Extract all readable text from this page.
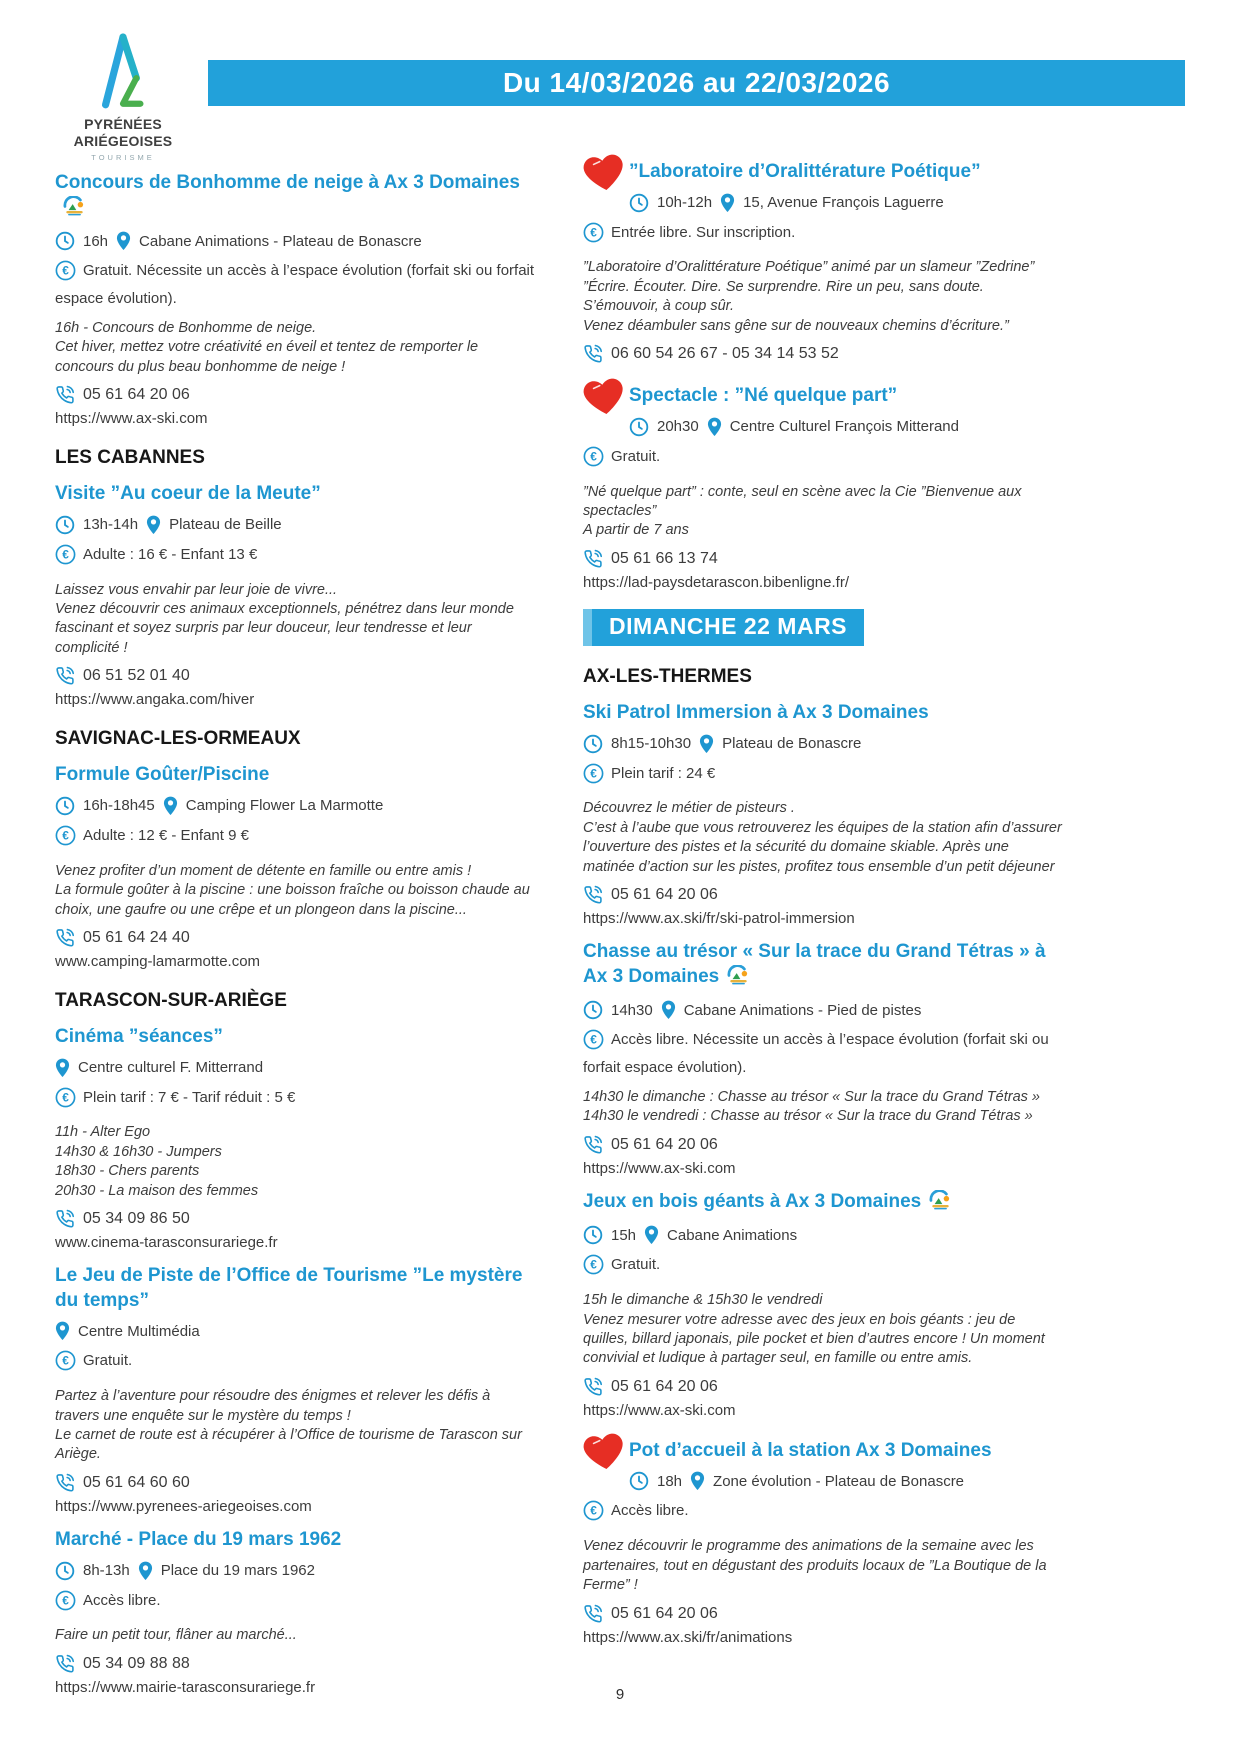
PYRÉNÉES
ARIÉGEOISES
TOURISME
Du 14/03/2026 au 22/03/2026
Concours de Bonhomme de neige à Ax 3 Domaines
16h Cabane Animations - Plateau de Bonascre
Gratuit. Nécessite un accès à l’espace évolution (forfait ski ou forfait espace évolution).
16h - Concours de Bonhomme de neige.
Cet hiver, mettez votre créativité en éveil et tentez de remporter le concours du plus beau bonhomme de neige !
05 61 64 20 06
https://www.ax-ski.com
LES CABANNES
Visite ”Au coeur de la Meute”
13h-14h Plateau de Beille
Adulte : 16 € - Enfant 13 €
Laissez vous envahir par leur joie de vivre...
Venez découvrir ces animaux exceptionnels, pénétrez dans leur monde fascinant et soyez surpris par leur douceur, leur tendresse et leur complicité !
06 51 52 01 40
https://www.angaka.com/hiver
SAVIGNAC-LES-ORMEAUX
Formule Goûter/Piscine
16h-18h45 Camping Flower La Marmotte
Adulte : 12 € - Enfant 9 €
Venez profiter d’un moment de détente en famille ou entre amis !
La formule goûter à la piscine : une boisson fraîche ou boisson chaude au choix, une gaufre ou une crêpe et un plongeon dans la piscine...
05 61 64 24 40
www.camping-lamarmotte.com
TARASCON-SUR-ARIÈGE
Cinéma ”séances”
Centre culturel F. Mitterrand
Plein tarif : 7 € - Tarif réduit : 5 €
11h - Alter Ego
14h30 & 16h30 - Jumpers
18h30 - Chers parents
20h30 - La maison des femmes
05 34 09 86 50
www.cinema-tarasconsurariege.fr
Le Jeu de Piste de l’Office de Tourisme ”Le mystère du temps”
Centre Multimédia
Gratuit.
Partez à l’aventure pour résoudre des énigmes et relever les défis à travers une enquête sur le mystère du temps !
Le carnet de route est à récupérer à l’Office de tourisme de Tarascon sur Ariège.
05 61 64 60 60
https://www.pyrenees-ariegeoises.com
Marché - Place du 19 mars 1962
8h-13h Place du 19 mars 1962
Accès libre.
Faire un petit tour, flâner au marché...
05 34 09 88 88
https://www.mairie-tarasconsurariege.fr
”Laboratoire d’Oralittérature Poétique”
10h-12h 15, Avenue François Laguerre
Entrée libre. Sur inscription.
”Laboratoire d’Oralittérature Poétique” animé par un slameur ”Zedrine”
”Écrire. Écouter. Dire. Se surprendre. Rire un peu, sans doute. S’émouvoir, à coup sûr.
Venez déambuler sans gêne sur de nouveaux chemins d’écriture.”
06 60 54 26 67 - 05 34 14 53 52
Spectacle : ”Né quelque part”
20h30 Centre Culturel François Mitterand
Gratuit.
”Né quelque part” : conte, seul en scène avec la Cie ”Bienvenue aux spectacles”
A partir de 7 ans
05 61 66 13 74
https://lad-paysdetarascon.bibenligne.fr/
DIMANCHE 22 MARS
AX-LES-THERMES
Ski Patrol Immersion à Ax 3 Domaines
8h15-10h30 Plateau de Bonascre
Plein tarif : 24 €
Découvrez le métier de pisteurs .
C’est à l’aube que vous retrouverez les équipes de la station afin d’assurer l’ouverture des pistes et la sécurité du domaine skiable. Après une matinée d’action sur les pistes, profitez tous ensemble d’un petit déjeuner
05 61 64 20 06
https://www.ax.ski/fr/ski-patrol-immersion
Chasse au trésor « Sur la trace du Grand Tétras » à Ax 3 Domaines
14h30 Cabane Animations - Pied de pistes
Accès libre. Nécessite un accès à l’espace évolution (forfait ski ou forfait espace évolution).
14h30 le dimanche : Chasse au trésor « Sur la trace du Grand Tétras »
14h30 le vendredi : Chasse au trésor « Sur la trace du Grand Tétras »
05 61 64 20 06
https://www.ax-ski.com
Jeux en bois géants à Ax 3 Domaines
15h Cabane Animations
Gratuit.
15h le dimanche & 15h30 le vendredi
Venez mesurer votre adresse avec des jeux en bois géants : jeu de quilles, billard japonais, pile pocket et bien d’autres encore ! Un moment convivial et ludique à partager seul, en famille ou entre amis.
05 61 64 20 06
https://www.ax-ski.com
Pot d’accueil à la station Ax 3 Domaines
18h Zone évolution - Plateau de Bonascre
Accès libre.
Venez découvrir le programme des animations de la semaine avec les partenaires, tout en dégustant des produits locaux de ”La Boutique de la Ferme” !
05 61 64 20 06
https://www.ax.ski/fr/animations
9
